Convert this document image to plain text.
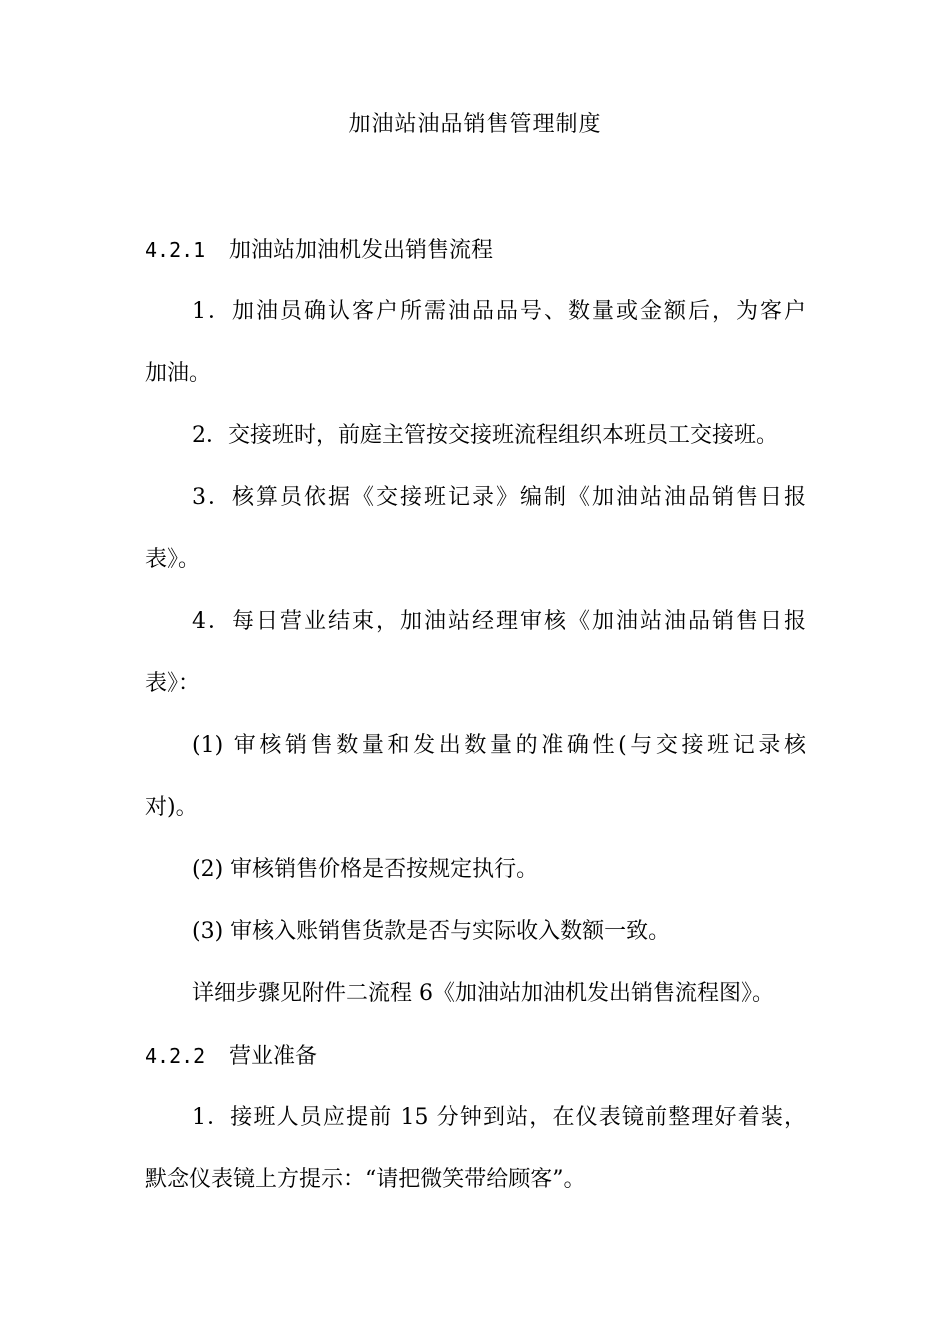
加油站油品销售管理制度
4.2.1 加油站加油机发出销售流程
1．加油员确认客户所需油品品号、数量或金额后，为客户
加油。
2．交接班时，前庭主管按交接班流程组织本班员工交接班。
3．核算员依据《交接班记录》编制《加油站油品销售日报
表》。
4．每日营业结束，加油站经理审核《加油站油品销售日报
表》：
(1) 审核销售数量和发出数量的准确性(与交接班记录核
对)。
(2) 审核销售价格是否按规定执行。
(3) 审核入账销售货款是否与实际收入数额一致。
详细步骤见附件二流程 6《加油站加油机发出销售流程图》。
4.2.2 营业准备
1．接班人员应提前 15 分钟到站，在仪表镜前整理好着装，
默念仪表镜上方提示：“请把微笑带给顾客”。
